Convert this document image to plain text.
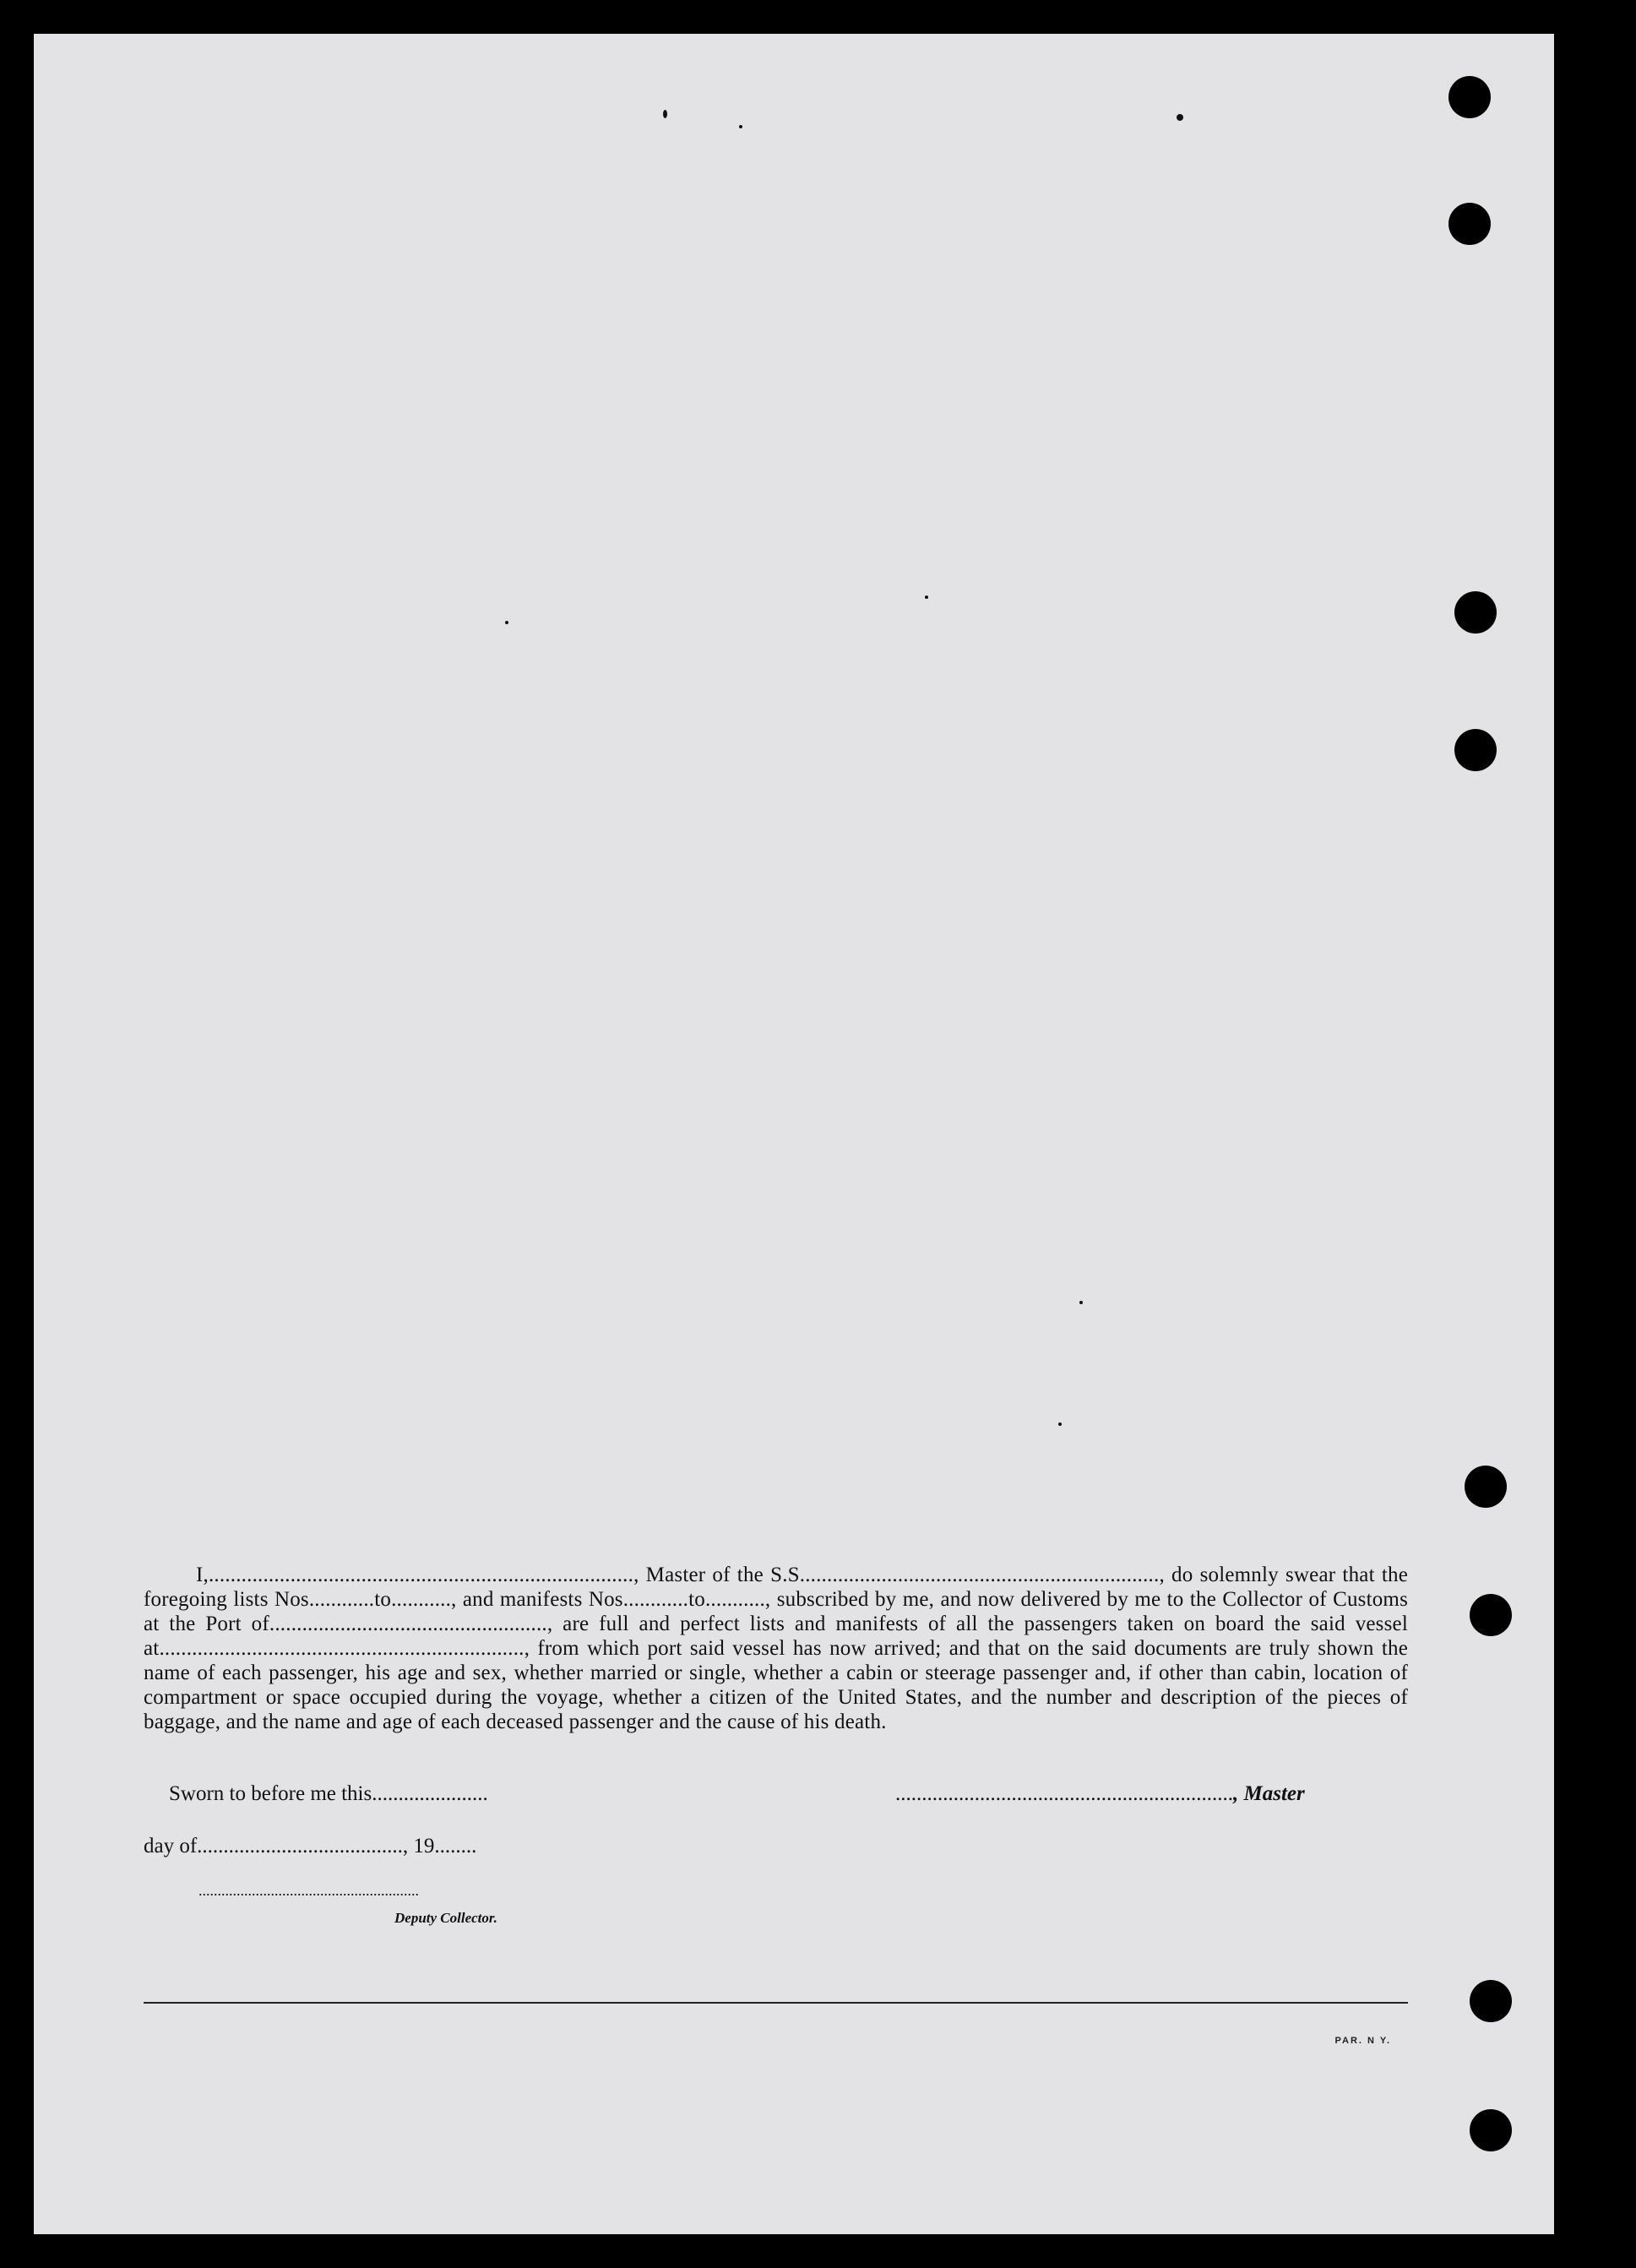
I,.............................................................................., Master of the S.S.................................................................., do solemnly swear that the foregoing lists Nos............to..........., and manifests Nos............to..........., subscribed by me, and now delivered by me to the Collector of Customs at the Port of..................................................., are full and perfect lists and manifests of all the passengers taken on board the said vessel at..................................................................., from which port said vessel has now arrived; and that on the said documents are truly shown the name of each passenger, his age and sex, whether married or single, whether a cabin or steerage passenger and, if other than cabin, location of compartment or space occupied during the voyage, whether a citizen of the United States, and the number and description of the pieces of baggage, and the name and age of each deceased passenger and the cause of his death.

Sworn to before me this......................	................................................................, Master
day of......................................., 19........
..........................................................
Deputy Collector.
PAR. N Y.
